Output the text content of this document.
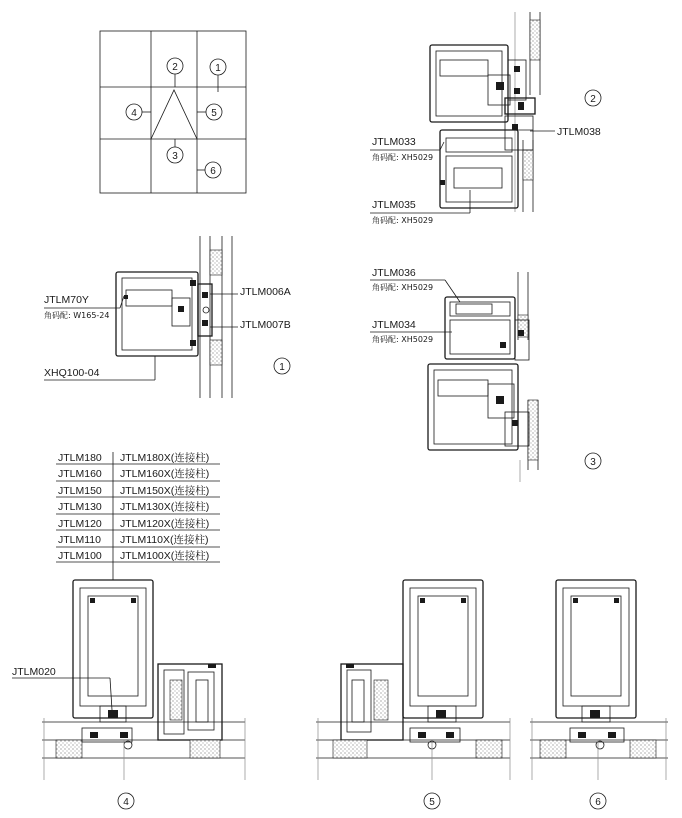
1
2
4	5
3
6
JTLM033
角码配: XH5029
JTLM038
JTLM035
角码配: XH5029
2
JTLM70Y
角码配: W165-24
JTLM006A
JTLM007B
XHQ100-04	1
JTLM036
角码配: XH5029
JTLM034
角码配: XH5029
3
JTLM180 JTLM180X(连接柱)
JTLM160 JTLM160X(连接柱)
JTLM150 JTLM150X(连接柱)
JTLM130 JTLM130X(连接柱)
JTLM120 JTLM120X(连接柱)
JTLM110 JTLM110X(连接柱)
JTLM100 JTLM100X(连接柱)
JTLM020
4	5	6
